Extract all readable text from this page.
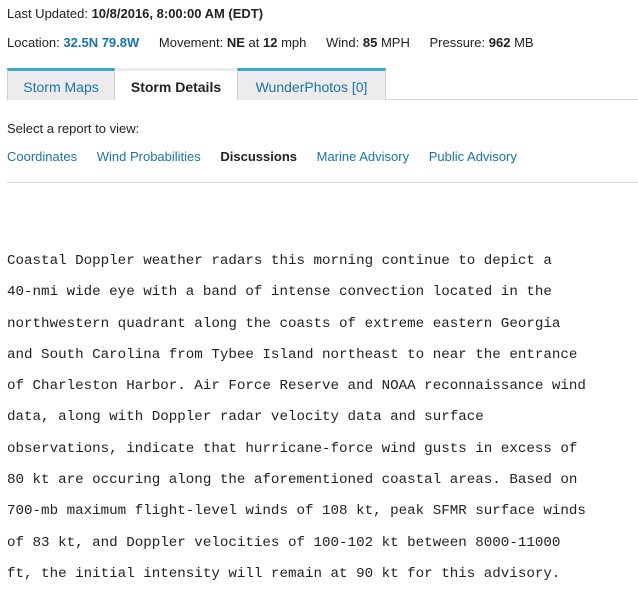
Last Updated: 10/8/2016, 8:00:00 AM (EDT)
Location: 32.5N 79.8W Movement: NE at 12 mph Wind: 85 MPH Pressure: 962 MB
Storm Maps	Storm Details	WunderPhotos [0]
Select a report to view:
Coordinates Wind Probabilities Discussions Marine Advisory Public Advisory
Coastal Doppler weather radars this morning continue to depict a
40-nmi wide eye with a band of intense convection located in the
northwestern quadrant along the coasts of extreme eastern Georgia
and South Carolina from Tybee Island northeast to near the entrance
of Charleston Harbor. Air Force Reserve and NOAA reconnaissance wind
data, along with Doppler radar velocity data and surface
observations, indicate that hurricane-force wind gusts in excess of
80 kt are occuring along the aforementioned coastal areas. Based on
700-mb maximum flight-level winds of 108 kt, peak SFMR surface winds
of 83 kt, and Doppler velocities of 100-102 kt between 8000-11000
ft, the initial intensity will remain at 90 kt for this advisory.
